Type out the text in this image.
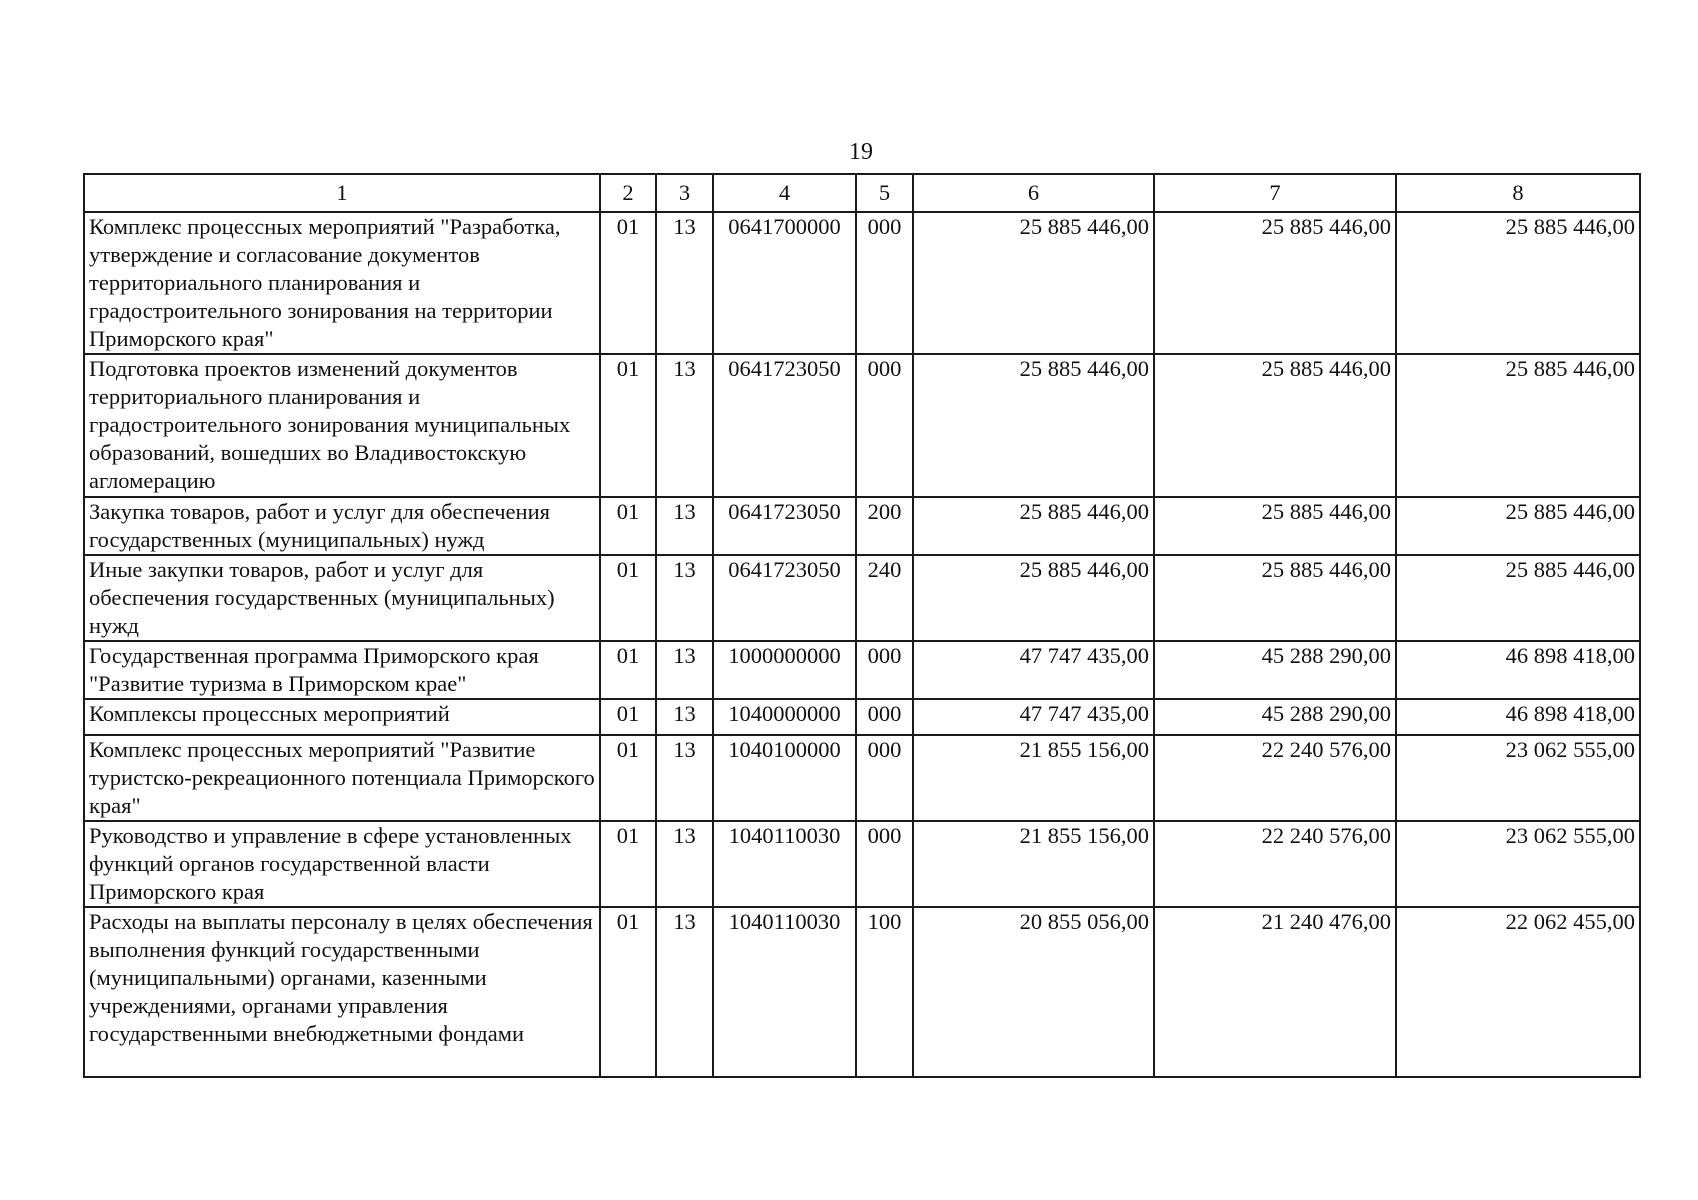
19
1	2	3	4	5	6	7	8
Комплекс процессных мероприятий "Разработка, утверждение и согласование документов территориального планирования и градостроительного зонирования на территории Приморского края"	01	13	0641700000	000	25 885 446,00	25 885 446,00	25 885 446,00
Подготовка проектов изменений документов территориального планирования и градостроительного зонирования муниципальных образований, вошедших во Владивостокскую агломерацию	01	13	0641723050	000	25 885 446,00	25 885 446,00	25 885 446,00
Закупка товаров, работ и услуг для обеспечения государственных (муниципальных) нужд	01	13	0641723050	200	25 885 446,00	25 885 446,00	25 885 446,00
Иные закупки товаров, работ и услуг для обеспечения государственных (муниципальных) нужд	01	13	0641723050	240	25 885 446,00	25 885 446,00	25 885 446,00
Государственная программа Приморского края "Развитие туризма в Приморском крае"	01	13	1000000000	000	47 747 435,00	45 288 290,00	46 898 418,00
Комплексы процессных мероприятий	01	13	1040000000	000	47 747 435,00	45 288 290,00	46 898 418,00
Комплекс процессных мероприятий "Развитие туристско-рекреационного потенциала Приморского края"	01	13	1040100000	000	21 855 156,00	22 240 576,00	23 062 555,00
Руководство и управление в сфере установленных функций органов государственной власти Приморского края	01	13	1040110030	000	21 855 156,00	22 240 576,00	23 062 555,00
Расходы на выплаты персоналу в целях обеспечения выполнения функций государственными (муниципальными) органами, казенными учреждениями, органами управления государственными внебюджетными фондами	01	13	1040110030	100	20 855 056,00	21 240 476,00	22 062 455,00
